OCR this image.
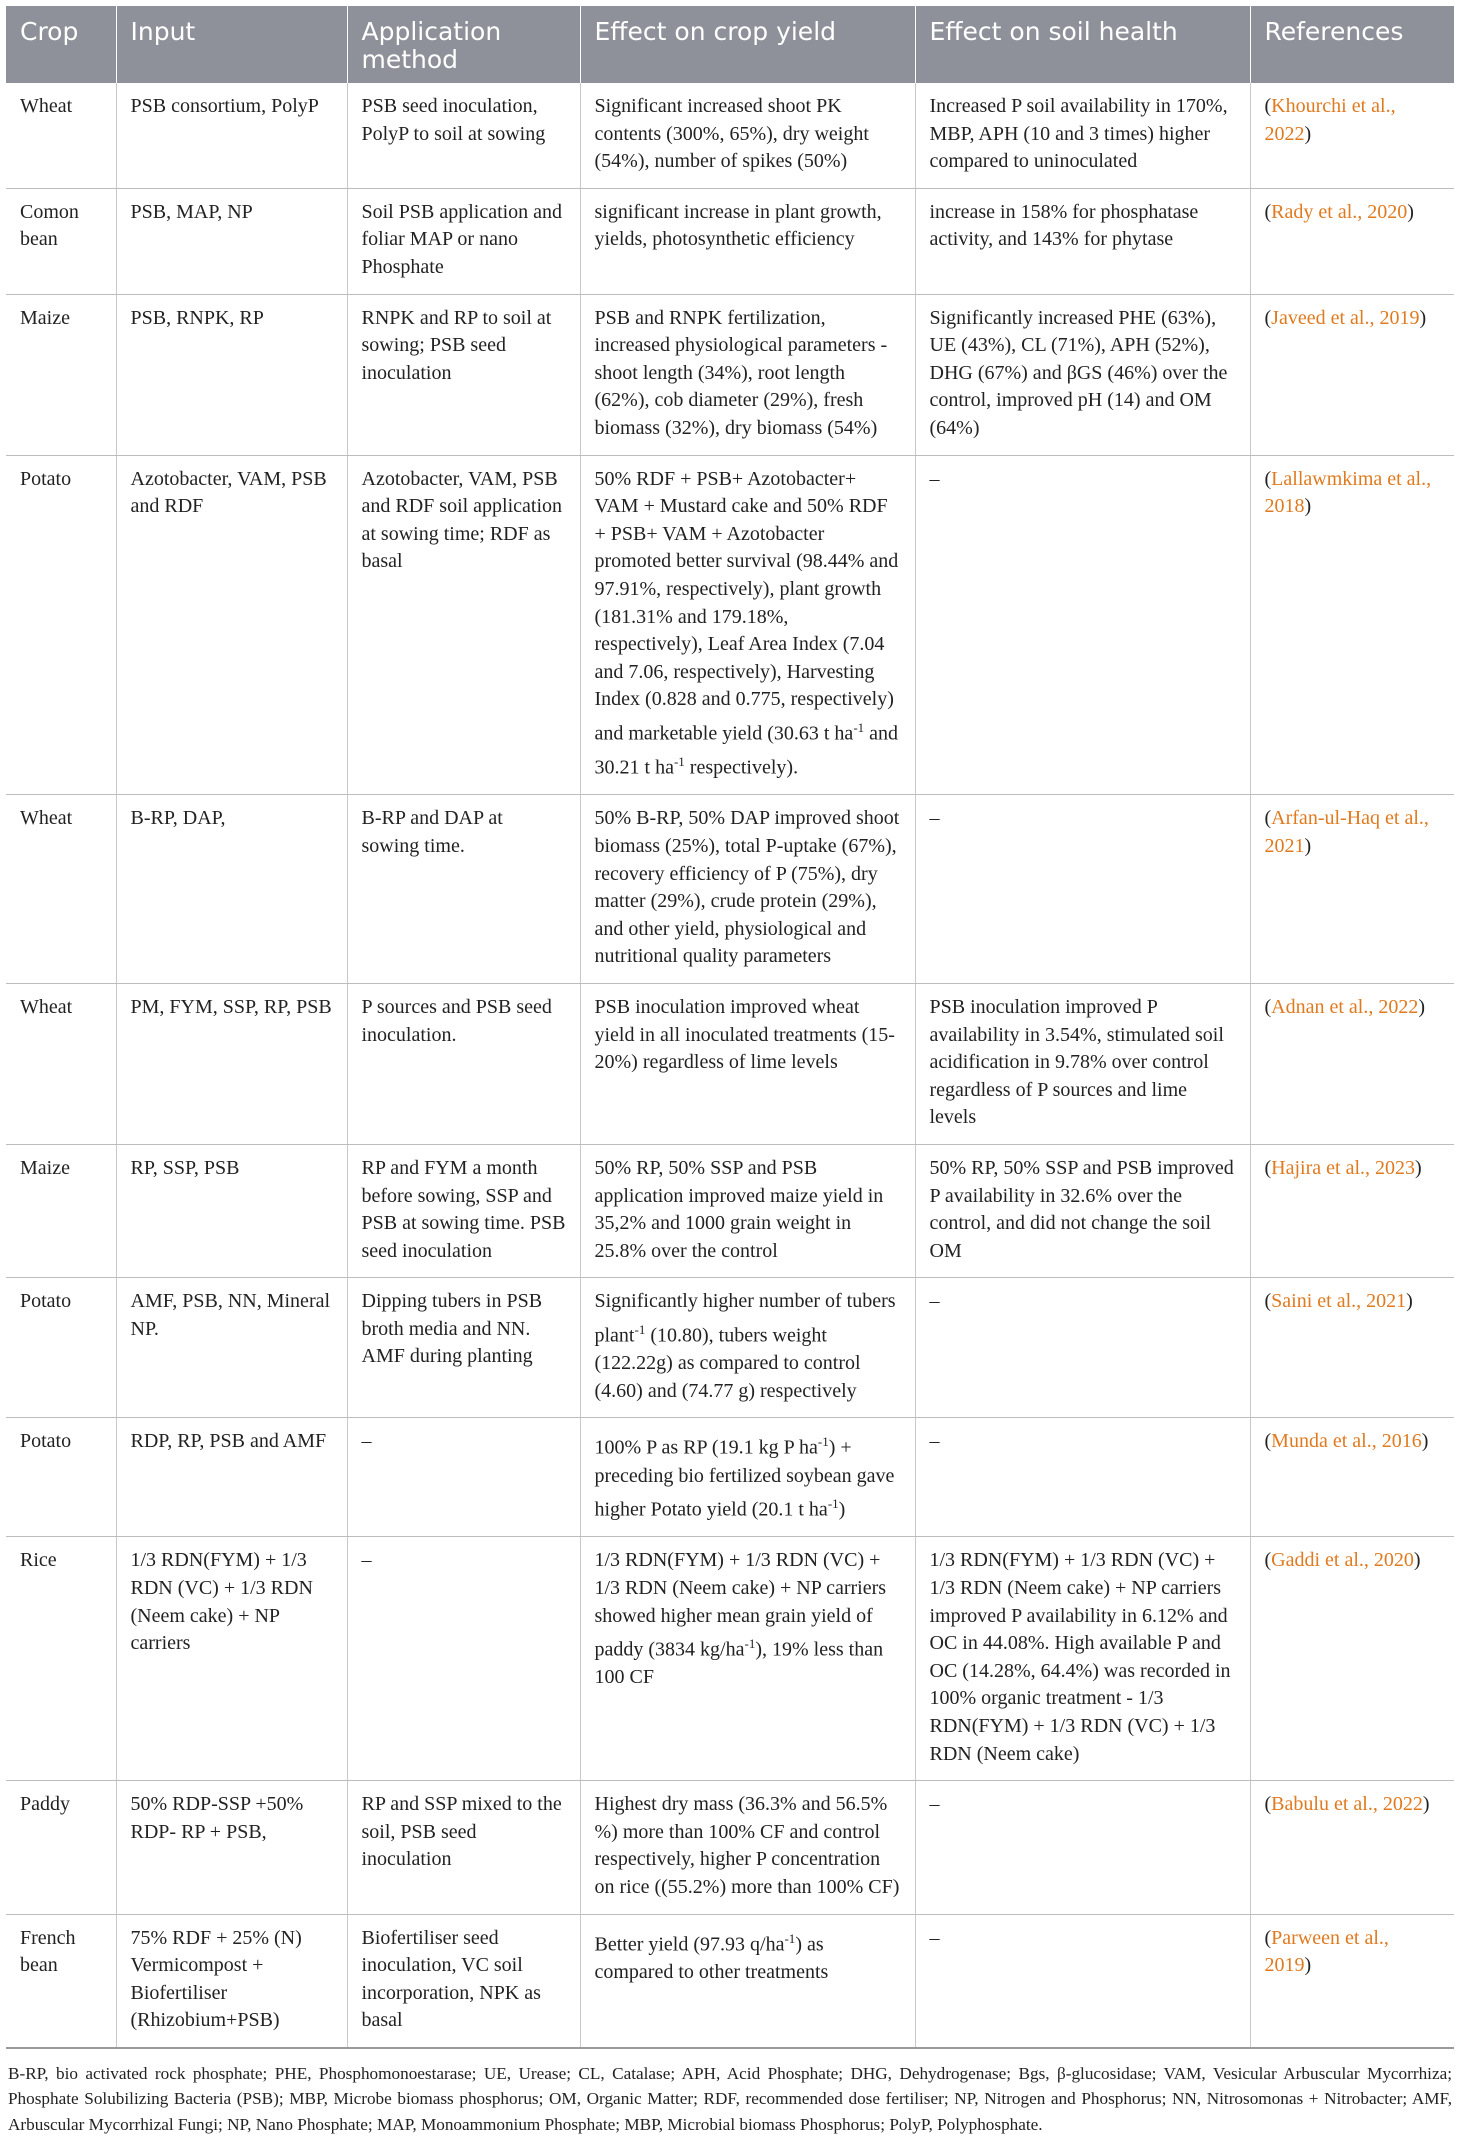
Crop	Input	Application method	Effect on crop yield	Effect on soil health	References
Wheat	PSB consortium, PolyP	PSB seed inoculation, PolyP to soil at sowing	Significant increased shoot PK contents (300%, 65%), dry weight (54%), number of spikes (50%)	Increased P soil availability in 170%, MBP, APH (10 and 3 times) higher compared to uninoculated	(Khourchi et al., 2022)
Comon bean	PSB, MAP, NP	Soil PSB application and foliar MAP or nano Phosphate	significant increase in plant growth, yields, photosynthetic efficiency	increase in 158% for phosphatase activity, and 143% for phytase	(Rady et al., 2020)
Maize	PSB, RNPK, RP	RNPK and RP to soil at sowing; PSB seed inoculation	PSB and RNPK fertilization, increased physiological parameters - shoot length (34%), root length (62%), cob diameter (29%), fresh biomass (32%), dry biomass (54%)	Significantly increased PHE (63%), UE (43%), CL (71%), APH (52%), DHG (67%) and βGS (46%) over the control, improved pH (14) and OM (64%)	(Javeed et al., 2019)
Potato	Azotobacter, VAM, PSB and RDF	Azotobacter, VAM, PSB and RDF soil application at sowing time; RDF as basal	50% RDF + PSB+ Azotobacter+ VAM + Mustard cake and 50% RDF + PSB+ VAM + Azotobacter promoted better survival (98.44% and 97.91%, respectively), plant growth (181.31% and 179.18%, respectively), Leaf Area Index (7.04 and 7.06, respectively), Harvesting Index (0.828 and 0.775, respectively) and marketable yield (30.63 t $ha^{-1}$ and 30.21 t $ha^{-1}$ respectively).	–	(Lallawmkima et al., 2018)
Wheat	B-RP, DAP,	B-RP and DAP at sowing time.	50% B-RP, 50% DAP improved shoot biomass (25%), total P-uptake (67%), recovery efficiency of P (75%), dry matter (29%), crude protein (29%), and other yield, physiological and nutritional quality parameters	–	(Arfan-ul-Haq et al., 2021)
Wheat	PM, FYM, SSP, RP, PSB	P sources and PSB seed inoculation.	PSB inoculation improved wheat yield in all inoculated treatments (15-20%) regardless of lime levels	PSB inoculation improved P availability in 3.54%, stimulated soil acidification in 9.78% over control regardless of P sources and lime levels	(Adnan et al., 2022)
Maize	RP, SSP, PSB	RP and FYM a month before sowing, SSP and PSB at sowing time. PSB seed inoculation	50% RP, 50% SSP and PSB application improved maize yield in 35,2% and 1000 grain weight in 25.8% over the control	50% RP, 50% SSP and PSB improved P availability in 32.6% over the control, and did not change the soil OM	(Hajira et al., 2023)
Potato	AMF, PSB, NN, Mineral NP.	Dipping tubers in PSB broth media and NN. AMF during planting	Significantly higher number of tubers plant$^{-1}$ (10.80), tubers weight (122.22g) as compared to control (4.60) and (74.77 g) respectively	–	(Saini et al., 2021)
Potato	RDP, RP, PSB and AMF	–	100% P as RP (19.1 kg P $ha^{-1}$) + preceding bio fertilized soybean gave higher Potato yield (20.1 t $ha^{-1}$)	–	(Munda et al., 2016)
Rice	1/3 RDN(FYM) + 1/3 RDN (VC) + 1/3 RDN (Neem cake) + NP carriers	–	1/3 RDN(FYM) + 1/3 RDN (VC) + 1/3 RDN (Neem cake) + NP carriers showed higher mean grain yield of paddy (3834 $kg/ha^{-1}$), 19% less than 100 CF	1/3 RDN(FYM) + 1/3 RDN (VC) + 1/3 RDN (Neem cake) + NP carriers improved P availability in 6.12% and OC in 44.08%. High available P and OC (14.28%, 64.4%) was recorded in 100% organic treatment - 1/3 RDN(FYM) + 1/3 RDN (VC) + 1/3 RDN (Neem cake)	(Gaddi et al., 2020)
Paddy	50% RDP-SSP +50% RDP- RP + PSB,	RP and SSP mixed to the soil, PSB seed inoculation	Highest dry mass (36.3% and 56.5% %) more than 100% CF and control respectively, higher P concentration on rice ((55.2%) more than 100% CF)	–	(Babulu et al., 2022)
French bean	75% RDF + 25% (N) Vermicompost + Biofertiliser (Rhizobium+PSB)	Biofertiliser seed inoculation, VC soil incorporation, NPK as basal	Better yield (97.93 $q/ha^{-1}$) as compared to other treatments	–	(Parween et al., 2019)
B-RP, bio activated rock phosphate; PHE, Phosphomonoestarase; UE, Urease; CL, Catalase; APH, Acid Phosphate; DHG, Dehydrogenase; Bgs, β-glucosidase; VAM, Vesicular Arbuscular Mycorrhiza; Phosphate Solubilizing Bacteria (PSB); MBP, Microbe biomass phosphorus; OM, Organic Matter; RDF, recommended dose fertiliser; NP, Nitrogen and Phosphorus; NN, Nitrosomonas + Nitrobacter; AMF, Arbuscular Mycorrhizal Fungi; NP, Nano Phosphate; MAP, Monoammonium Phosphate; MBP, Microbial biomass Phosphorus; PolyP, Polyphosphate.
